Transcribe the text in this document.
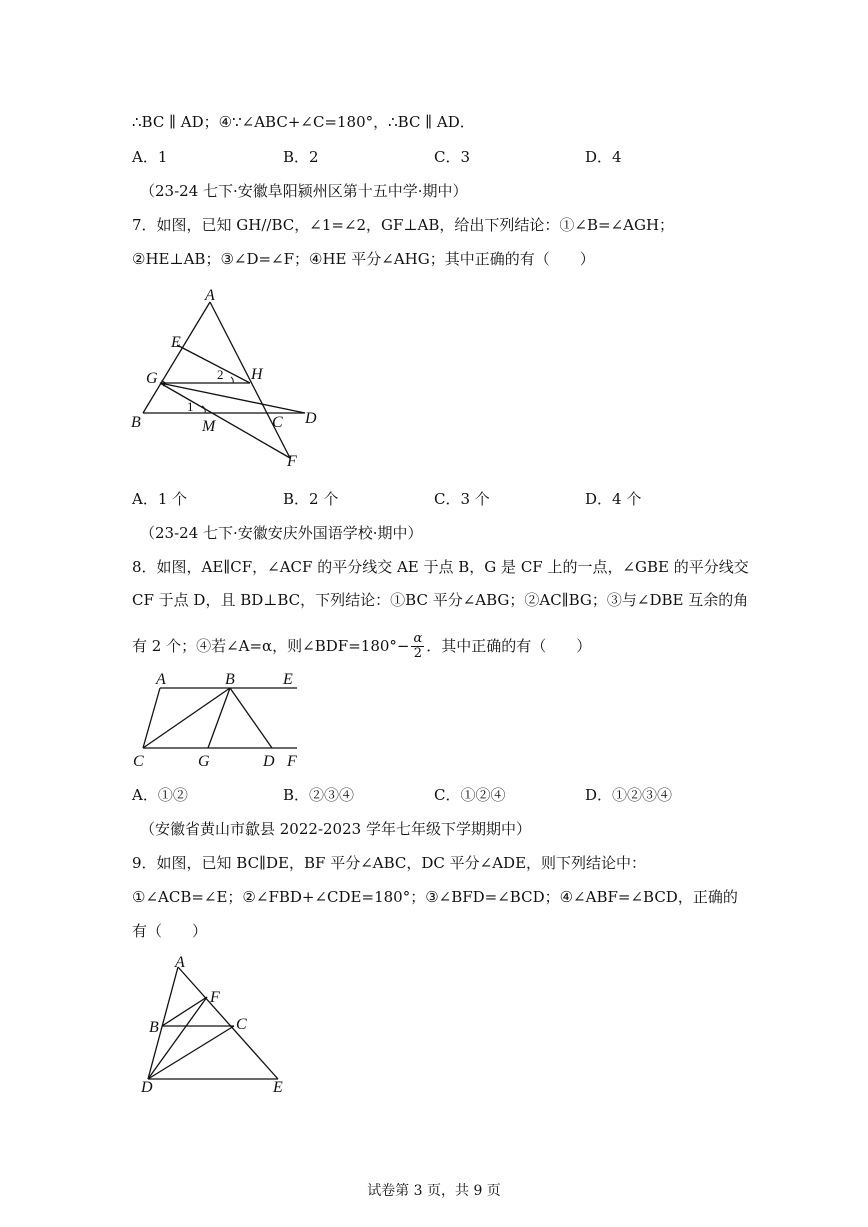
∴BC ∥ AD；④∵∠ABC+∠C=180°，∴BC ∥ AD．
A．1	B．2	C．3	D．4
（23-24 七下·安徽阜阳颍州区第十五中学·期中）
7．如图，已知 GH//BC，∠1=∠2，GF⊥AB，给出下列结论：①∠B=∠AGH；
②HE⊥AB；③∠D=∠F；④HE 平分∠AHG；其中正确的有（　　）
A
E
G	H
B	M	C D
F
1
2
A．1 个	B．2 个	C．3 个	D．4 个
（23-24 七下·安徽安庆外国语学校·期中）
8．如图，AE∥CF，∠ACF 的平分线交 AE 于点 B，G 是 CF 上的一点，∠GBE 的平分线交
CF 于点 D，且 BD⊥BC，下列结论：①BC 平分∠ABG；②AC∥BG；③与∠DBE 互余的角
有 2 个；④若∠A=α，则∠BDF=180°− $\frac{\alpha}{2}$ ．其中正确的有（　　）
A	B	E
C	G	D F
A．①②	B．②③④	C．①②④	D．①②③④
（安徽省黄山市歙县 2022-2023 学年七年级下学期期中）
9．如图，已知 BC∥DE，BF 平分∠ABC，DC 平分∠ADE，则下列结论中：
①∠ACB=∠E；②∠FBD+∠CDE=180°；③∠BFD=∠BCD；④∠ABF=∠BCD，正确的
有（　　）
A
F
B	C
D	E
试卷第 3 页，共 9 页
